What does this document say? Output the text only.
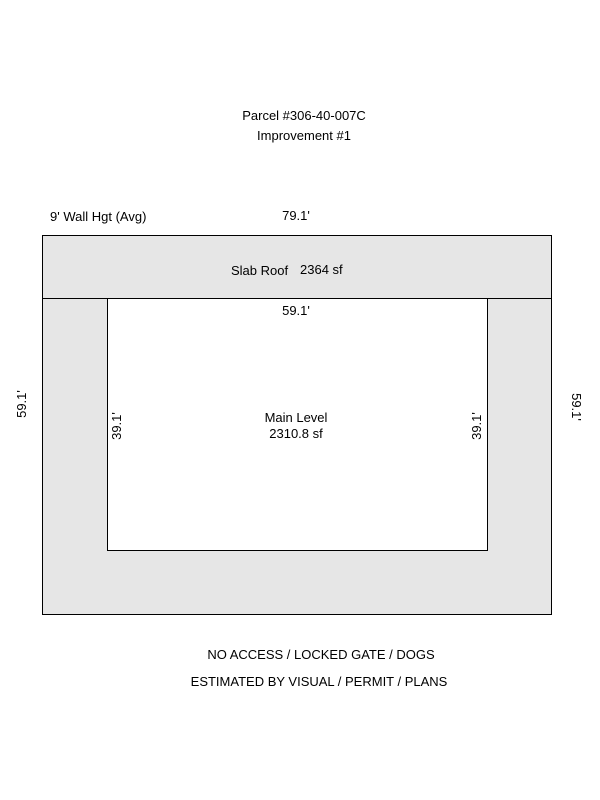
Parcel #306-40-007C
Improvement #1
9' Wall Hgt (Avg)	79.1'
Slab Roof 2364 sf
59.1'
Main Level
2310.8 sf
59.1'	59.1'
39.1'	39.1'
NO ACCESS / LOCKED GATE / DOGS
ESTIMATED BY VISUAL / PERMIT / PLANS
